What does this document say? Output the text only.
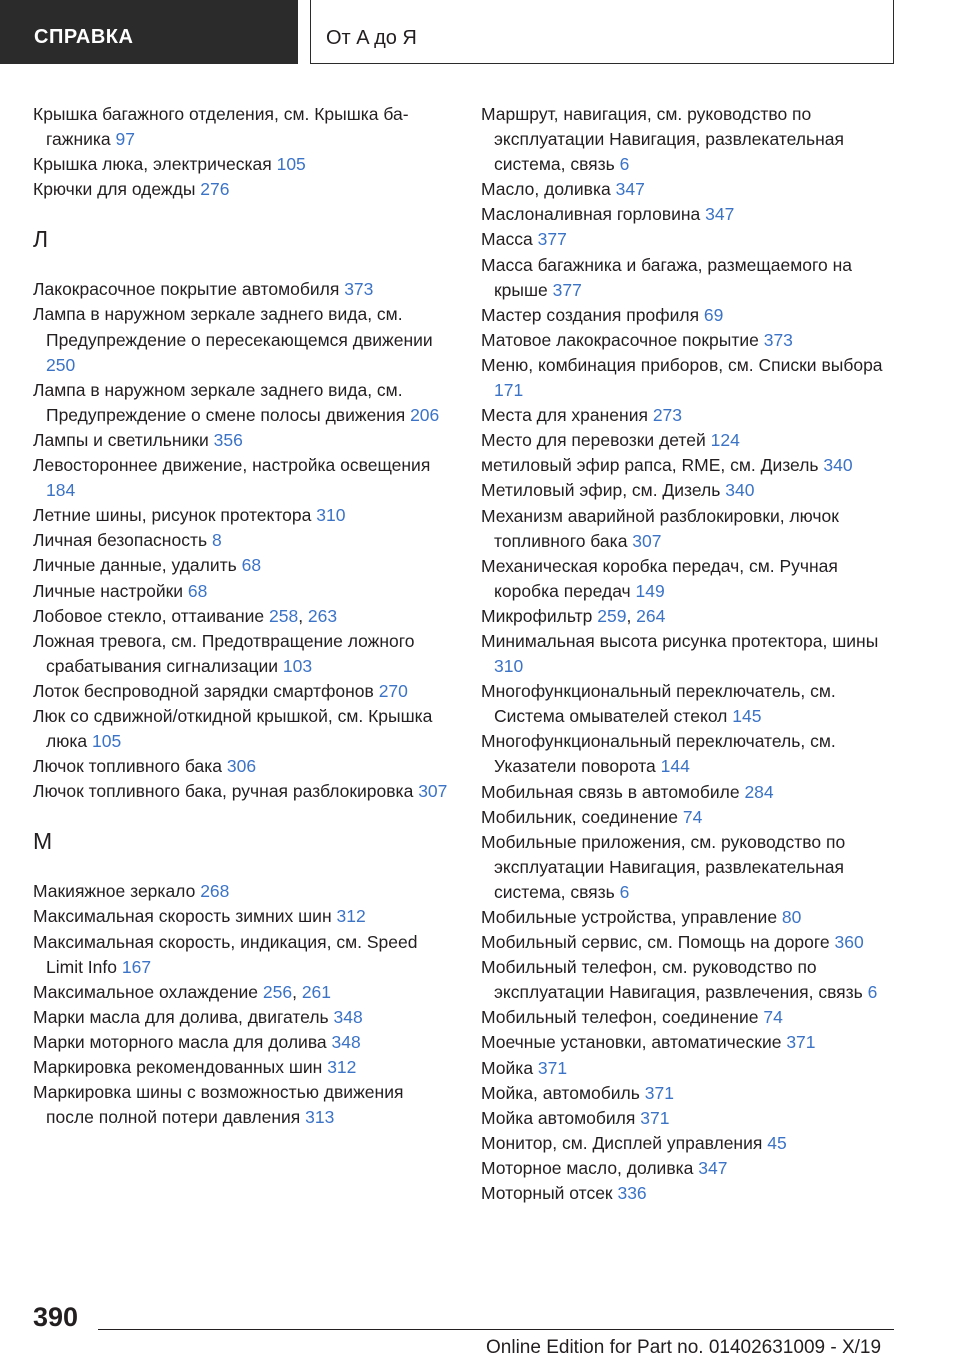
СПРАВКА	От A до Я
Крышка багажного отделения, см. Крышка багажника 97
Крышка люка, электрическая 105
Крючки для одежды 276
Л
Лакокрасочное покрытие автомобиля 373
Лампа в наружном зеркале заднего вида, см. Предупреждение о пересекающемся движении 250
Лампа в наружном зеркале заднего вида, см. Предупреждение о смене полосы движения 206
Лампы и светильники 356
Левостороннее движение, настройка освещения 184
Летние шины, рисунок протектора 310
Личная безопасность 8
Личные данные, удалить 68
Личные настройки 68
Лобовое стекло, оттаивание 258, 263
Ложная тревога, см. Предотвращение ложного срабатывания сигнализации 103
Лоток беспроводной зарядки смартфонов 270
Люк со сдвижной/откидной крышкой, см. Крышка люка 105
Лючок топливного бака 306
Лючок топливного бака, ручная разблокировка 307
М
Макияжное зеркало 268
Максимальная скорость зимних шин 312
Максимальная скорость, индикация, см. Speed Limit Info 167
Максимальное охлаждение 256, 261
Марки масла для долива, двигатель 348
Марки моторного масла для долива 348
Маркировка рекомендованных шин 312
Маркировка шины с возможностью движения после полной потери давления 313
Маршрут, навигация, см. руководство по эксплуатации Навигация, развлекательная система, связь 6
Масло, доливка 347
Маслоналивная горловина 347
Масса 377
Масса багажника и багажа, размещаемого на крыше 377
Мастер создания профиля 69
Матовое лакокрасочное покрытие 373
Меню, комбинация приборов, см. Списки выбора 171
Места для хранения 273
Место для перевозки детей 124
метиловый эфир рапса, RME, см. Дизель 340
Метиловый эфир, см. Дизель 340
Механизм аварийной разблокировки, лючок топливного бака 307
Механическая коробка передач, см. Ручная коробка передач 149
Микрофильтр 259, 264
Минимальная высота рисунка протектора, шины 310
Многофункциональный переключатель, см. Система омывателей стекол 145
Многофункциональный переключатель, см. Указатели поворота 144
Мобильная связь в автомобиле 284
Мобильник, соединение 74
Мобильные приложения, см. руководство по эксплуатации Навигация, развлекательная система, связь 6
Мобильные устройства, управление 80
Мобильный сервис, см. Помощь на дороге 360
Мобильный телефон, см. руководство по эксплуатации Навигация, развлечения, связь 6
Мобильный телефон, соединение 74
Моечные установки, автоматические 371
Мойка 371
Мойка, автомобиль 371
Мойка автомобиля 371
Монитор, см. Дисплей управления 45
Моторное масло, доливка 347
Моторный отсек 336
390
Online Edition for Part no. 01402631009 - X/19
